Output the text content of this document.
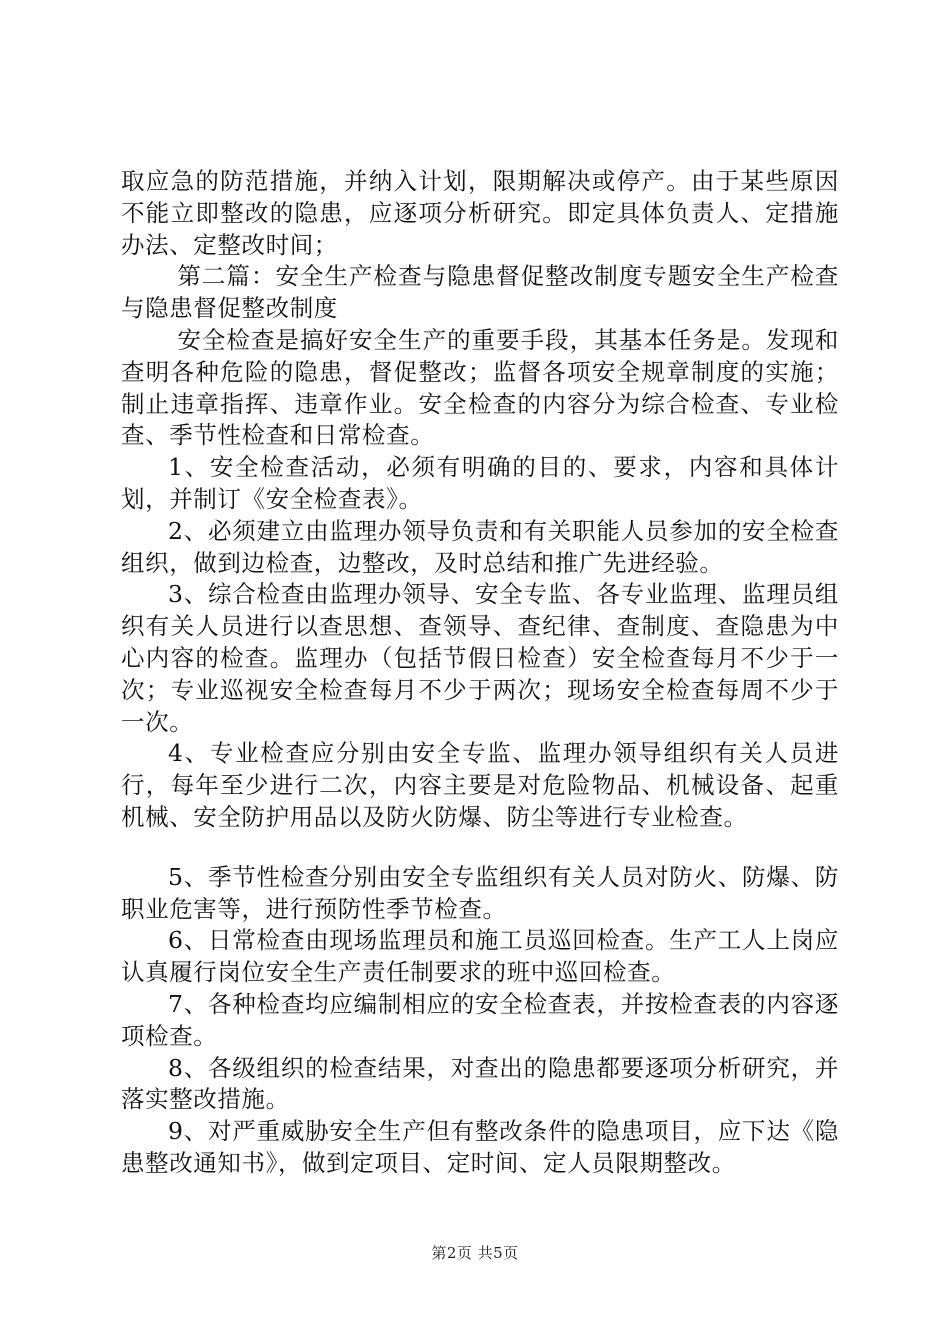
取应急的防范措施，并纳入计划，限期解决或停产。由于某些原因不能立即整改的隐患，应逐项分析研究。即定具体负责人、定措施办法、定整改时间；

第二篇：安全生产检查与隐患督促整改制度专题安全生产检查与隐患督促整改制度

安全检查是搞好安全生产的重要手段，其基本任务是。发现和查明各种危险的隐患，督促整改；监督各项安全规章制度的实施；制止违章指挥、违章作业。安全检查的内容分为综合检查、专业检查、季节性检查和日常检查。

1、安全检查活动，必须有明确的目的、要求，内容和具体计划，并制订《安全检查表》。

2、必须建立由监理办领导负责和有关职能人员参加的安全检查组织，做到边检查，边整改，及时总结和推广先进经验。

3、综合检查由监理办领导、安全专监、各专业监理、监理员组织有关人员进行以查思想、查领导、查纪律、查制度、查隐患为中心内容的检查。监理办（包括节假日检查）安全检查每月不少于一次；专业巡视安全检查每月不少于两次；现场安全检查每周不少于一次。

4、专业检查应分别由安全专监、监理办领导组织有关人员进行，每年至少进行二次，内容主要是对危险物品、机械设备、起重机械、安全防护用品以及防火防爆、防尘等进行专业检查。

5、季节性检查分别由安全专监组织有关人员对防火、防爆、防职业危害等，进行预防性季节检查。

6、日常检查由现场监理员和施工员巡回检查。生产工人上岗应认真履行岗位安全生产责任制要求的班中巡回检查。

7、各种检查均应编制相应的安全检查表，并按检查表的内容逐项检查。

8、各级组织的检查结果，对查出的隐患都要逐项分析研究，并落实整改措施。

9、对严重威胁安全生产但有整改条件的隐患项目，应下达《隐患整改通知书》，做到定项目、定时间、定人员限期整改。

第2页 共5页
